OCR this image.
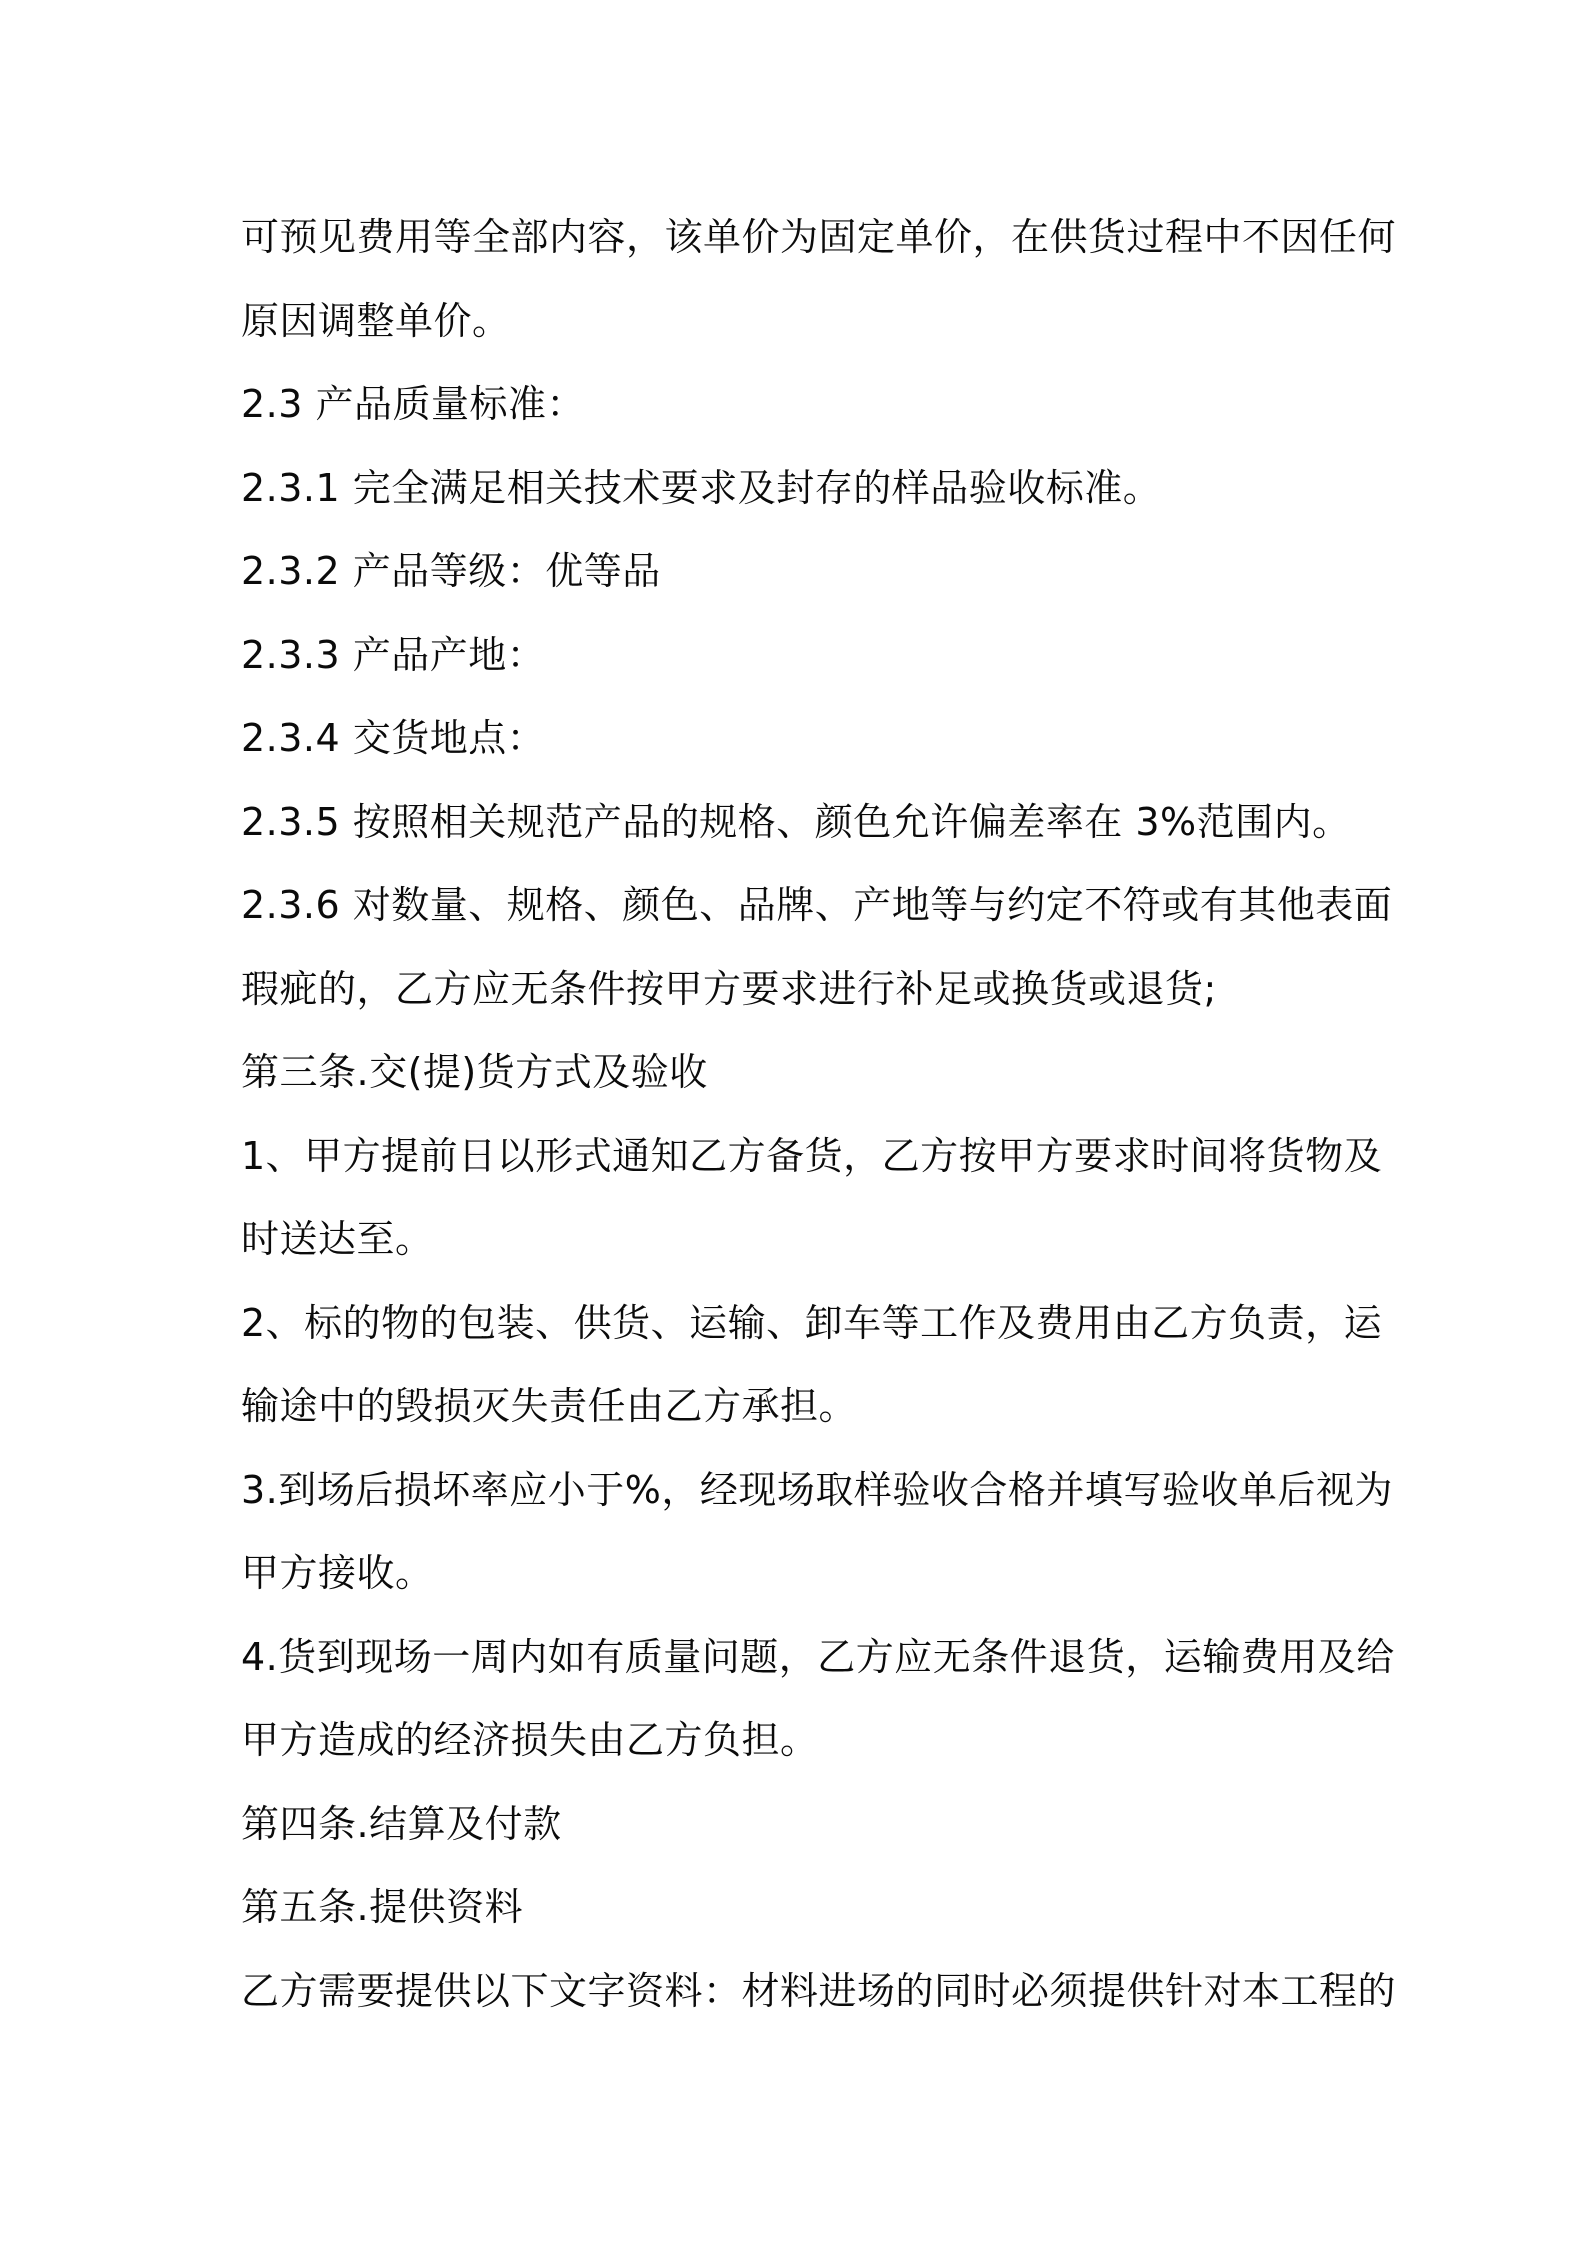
可预见费用等全部内容，该单价为固定单价，在供货过程中不因任何
原因调整单价。
2.3 产品质量标准：
2.3.1 完全满足相关技术要求及封存的样品验收标准。
2.3.2 产品等级：优等品
2.3.3 产品产地：
2.3.4 交货地点：
2.3.5 按照相关规范产品的规格、颜色允许偏差率在 3%范围内。
2.3.6 对数量、规格、颜色、品牌、产地等与约定不符或有其他表面
瑕疵的，乙方应无条件按甲方要求进行补足或换货或退货;
第三条.交(提)货方式及验收
1、甲方提前日以形式通知乙方备货，乙方按甲方要求时间将货物及
时送达至。
2、标的物的包装、供货、运输、卸车等工作及费用由乙方负责，运
输途中的毁损灭失责任由乙方承担。
3.到场后损坏率应小于%，经现场取样验收合格并填写验收单后视为
甲方接收。
4.货到现场一周内如有质量问题，乙方应无条件退货，运输费用及给
甲方造成的经济损失由乙方负担。
第四条.结算及付款
第五条.提供资料
乙方需要提供以下文字资料：材料进场的同时必须提供针对本工程的
